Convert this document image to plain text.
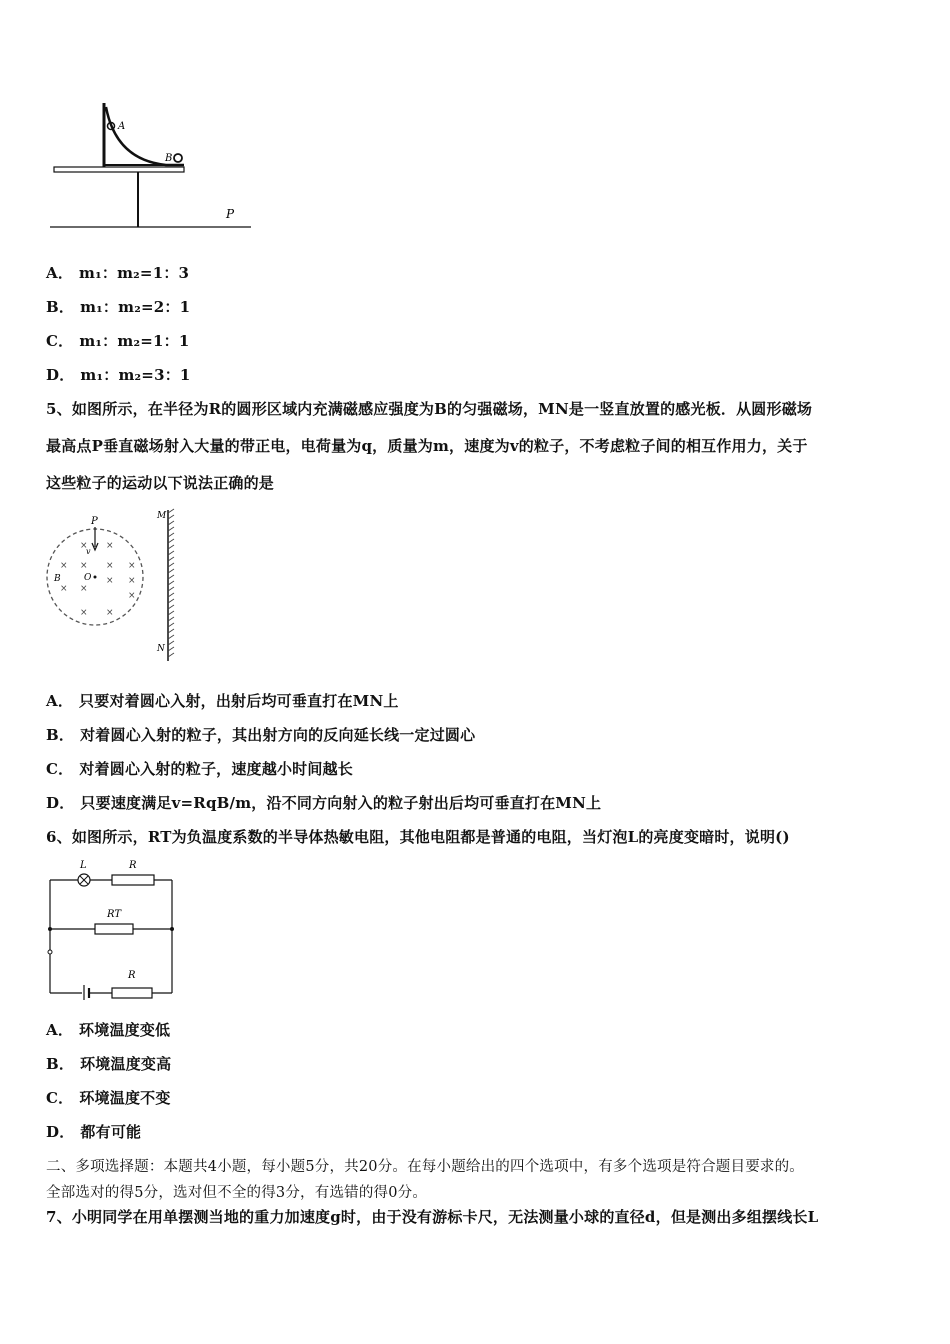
A
B
P
A． m₁：m₂=1：3
B． m₁：m₂=2：1
C． m₁：m₂=1：1
D． m₁：m₂=3：1
5、如图所示，在半径为R的圆形区域内充满磁感应强度为B的匀强磁场，MN是一竖直放置的感光板．从圆形磁场
最高点P垂直磁场射入大量的带正电，电荷量为q，质量为m，速度为v的粒子，不考虑粒子间的相互作用力，关于
这些粒子的运动以下说法正确的是
P
v
B	O
×
× ×
× × ×
×
× ×
×
×
× ×
M
N
A． 只要对着圆心入射，出射后均可垂直打在MN上
B． 对着圆心入射的粒子，其出射方向的反向延长线一定过圆心
C． 对着圆心入射的粒子，速度越小时间越长
D． 只要速度满足v=RqB/m，沿不同方向射入的粒子射出后均可垂直打在MN上
6、如图所示，RT为负温度系数的半导体热敏电阻，其他电阻都是普通的电阻，当灯泡L的亮度变暗时，说明()
L	R
RT
R
A． 环境温度变低
B． 环境温度变高
C． 环境温度不变
D． 都有可能
二、多项选择题：本题共4小题，每小题5分，共20分。在每小题给出的四个选项中，有多个选项是符合题目要求的。
全部选对的得5分，选对但不全的得3分，有选错的得0分。
7、小明同学在用单摆测当地的重力加速度g时，由于没有游标卡尺，无法测量小球的直径d，但是测出多组摆线长L
